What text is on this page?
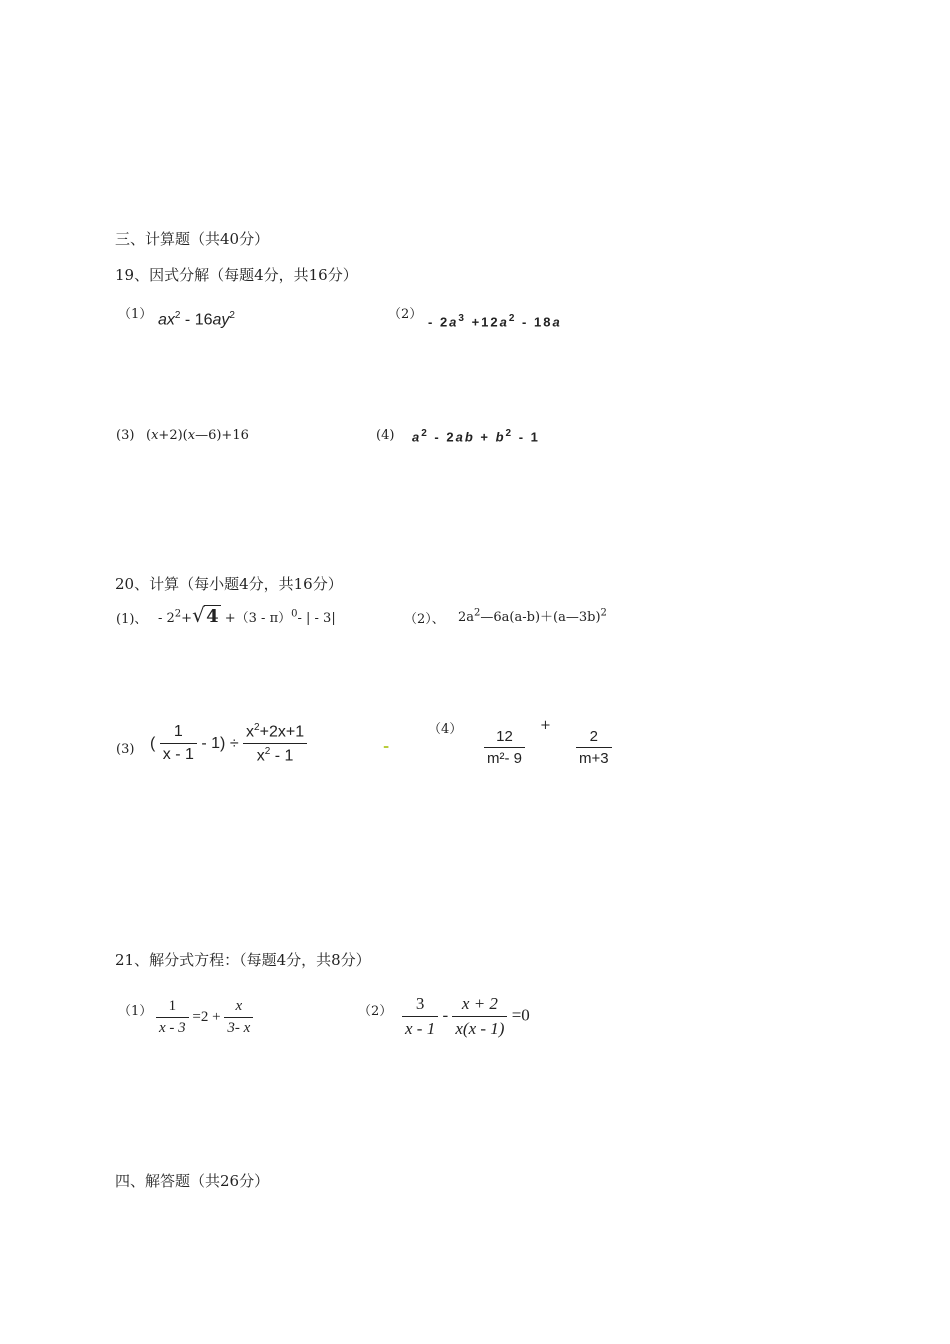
三、计算题（共40分）
19、因式分解（每题4分，共16分）
（1） $ax^2 - 16ay^2$	$(2) - 2a^3 +12a^2 - 18a$
(3) (x+2)(x—6)+16	(4) $a^2 - 2ab + b^2 - 1$
20、计算（每小题4分，共16分）
(1)、 - $2^2+$ √ 4 +（3 - π）$^0$- | - 3|	（2）、 $2a^2—6a(a-b)+(a—3b)^2$
(3) ( $\frac{1}{x - 1} - 1) \div \frac{x^2+2x+1}{x^2 - 1}$	-
$(4) \frac{12}{\text{m²- 9}}$
+
$\frac{2}{m+3}$
21、解分式方程：（每题4分，共8分）
$(1) \frac{1}{x - 3} =2 + \frac{x}{3- x}$	$(2) \frac{3}{x - 1} - \frac{x + 2}{x(x - 1)} =0$
四、解答题（共26分）
